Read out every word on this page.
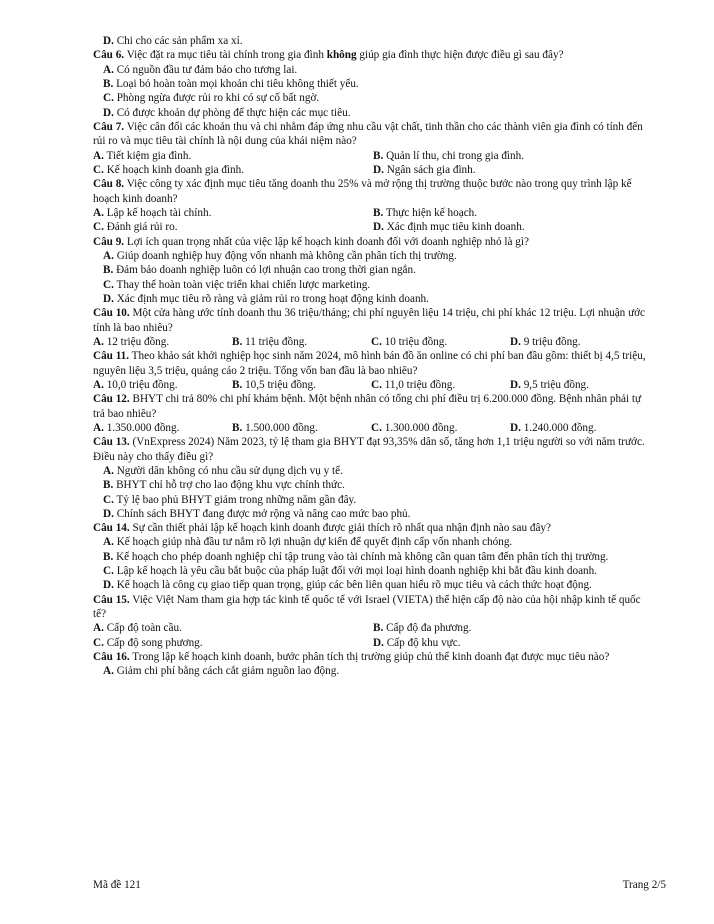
D. Chi cho các sản phẩm xa xỉ.
Câu 6. Việc đặt ra mục tiêu tài chính trong gia đình không giúp gia đình thực hiện được điều gì sau đây?
A. Có nguồn đầu tư đảm bảo cho tương lai.
B. Loại bỏ hoàn toàn mọi khoản chi tiêu không thiết yếu.
C. Phòng ngừa được rủi ro khi có sự cố bất ngờ.
D. Có được khoản dự phòng để thực hiện các mục tiêu.
Câu 7. Việc cân đối các khoản thu và chi nhằm đáp ứng nhu cầu vật chất, tinh thần cho các thành viên gia đình có tính đến rủi ro và mục tiêu tài chính là nội dung của khái niệm nào?
A. Tiết kiệm gia đình.	B. Quản lí thu, chi trong gia đình.
C. Kế hoạch kinh doanh gia đình.	D. Ngân sách gia đình.
Câu 8. Việc công ty xác định mục tiêu tăng doanh thu 25% và mở rộng thị trường thuộc bước nào trong quy trình lập kế hoạch kinh doanh?
A. Lập kế hoạch tài chính.	B. Thực hiện kế hoạch.
C. Đánh giá rủi ro.	D. Xác định mục tiêu kinh doanh.
Câu 9. Lợi ích quan trọng nhất của việc lập kế hoạch kinh doanh đối với doanh nghiệp nhỏ là gì?
A. Giúp doanh nghiệp huy động vốn nhanh mà không cần phân tích thị trường.
B. Đảm bảo doanh nghiệp luôn có lợi nhuận cao trong thời gian ngắn.
C. Thay thế hoàn toàn việc triển khai chiến lược marketing.
D. Xác định mục tiêu rõ ràng và giảm rủi ro trong hoạt động kinh doanh.
Câu 10. Một cửa hàng ước tính doanh thu 36 triệu/tháng; chi phí nguyên liệu 14 triệu, chi phí khác 12 triệu. Lợi nhuận ước tính là bao nhiêu?
A. 12 triệu đồng.	B. 11 triệu đồng.	C. 10 triệu đồng.	D. 9 triệu đồng.
Câu 11. Theo khảo sát khởi nghiệp học sinh năm 2024, mô hình bán đồ ăn online có chi phí ban đầu gồm: thiết bị 4,5 triệu, nguyên liệu 3,5 triệu, quảng cáo 2 triệu. Tổng vốn ban đầu là bao nhiêu?
A. 10,0 triệu đồng.	B. 10,5 triệu đồng.	C. 11,0 triệu đồng.	D. 9,5 triệu đồng.
Câu 12. BHYT chi trả 80% chi phí khám bệnh. Một bệnh nhân có tổng chi phí điều trị 6.200.000 đồng. Bệnh nhân phải tự trả bao nhiêu?
A. 1.350.000 đồng.	B. 1.500.000 đồng.	C. 1.300.000 đồng.	D. 1.240.000 đồng.
Câu 13. (VnExpress 2024) Năm 2023, tỷ lệ tham gia BHYT đạt 93,35% dân số, tăng hơn 1,1 triệu người so với năm trước. Điều này cho thấy điều gì?
A. Người dân không có nhu cầu sử dụng dịch vụ y tế.
B. BHYT chỉ hỗ trợ cho lao động khu vực chính thức.
C. Tỷ lệ bao phủ BHYT giảm trong những năm gần đây.
D. Chính sách BHYT đang được mở rộng và nâng cao mức bao phủ.
Câu 14. Sự cần thiết phải lập kế hoạch kinh doanh được giải thích rõ nhất qua nhận định nào sau đây?
A. Kế hoạch giúp nhà đầu tư nắm rõ lợi nhuận dự kiến để quyết định cấp vốn nhanh chóng.
B. Kế hoạch cho phép doanh nghiệp chỉ tập trung vào tài chính mà không cần quan tâm đến phân tích thị trường.
C. Lập kế hoạch là yêu cầu bắt buộc của pháp luật đối với mọi loại hình doanh nghiệp khi bắt đầu kinh doanh.
D. Kế hoạch là công cụ giao tiếp quan trọng, giúp các bên liên quan hiểu rõ mục tiêu và cách thức hoạt động.
Câu 15. Việc Việt Nam tham gia hợp tác kinh tế quốc tế với Israel (VIETA) thể hiện cấp độ nào của hội nhập kinh tế quốc tế?
A. Cấp độ toàn cầu.	B. Cấp độ đa phương.
C. Cấp độ song phương.	D. Cấp độ khu vực.
Câu 16. Trong lập kế hoạch kinh doanh, bước phân tích thị trường giúp chủ thể kinh doanh đạt được mục tiêu nào?
A. Giảm chi phí bằng cách cắt giảm nguồn lao động.
Mã đề 121	Trang 2/5
